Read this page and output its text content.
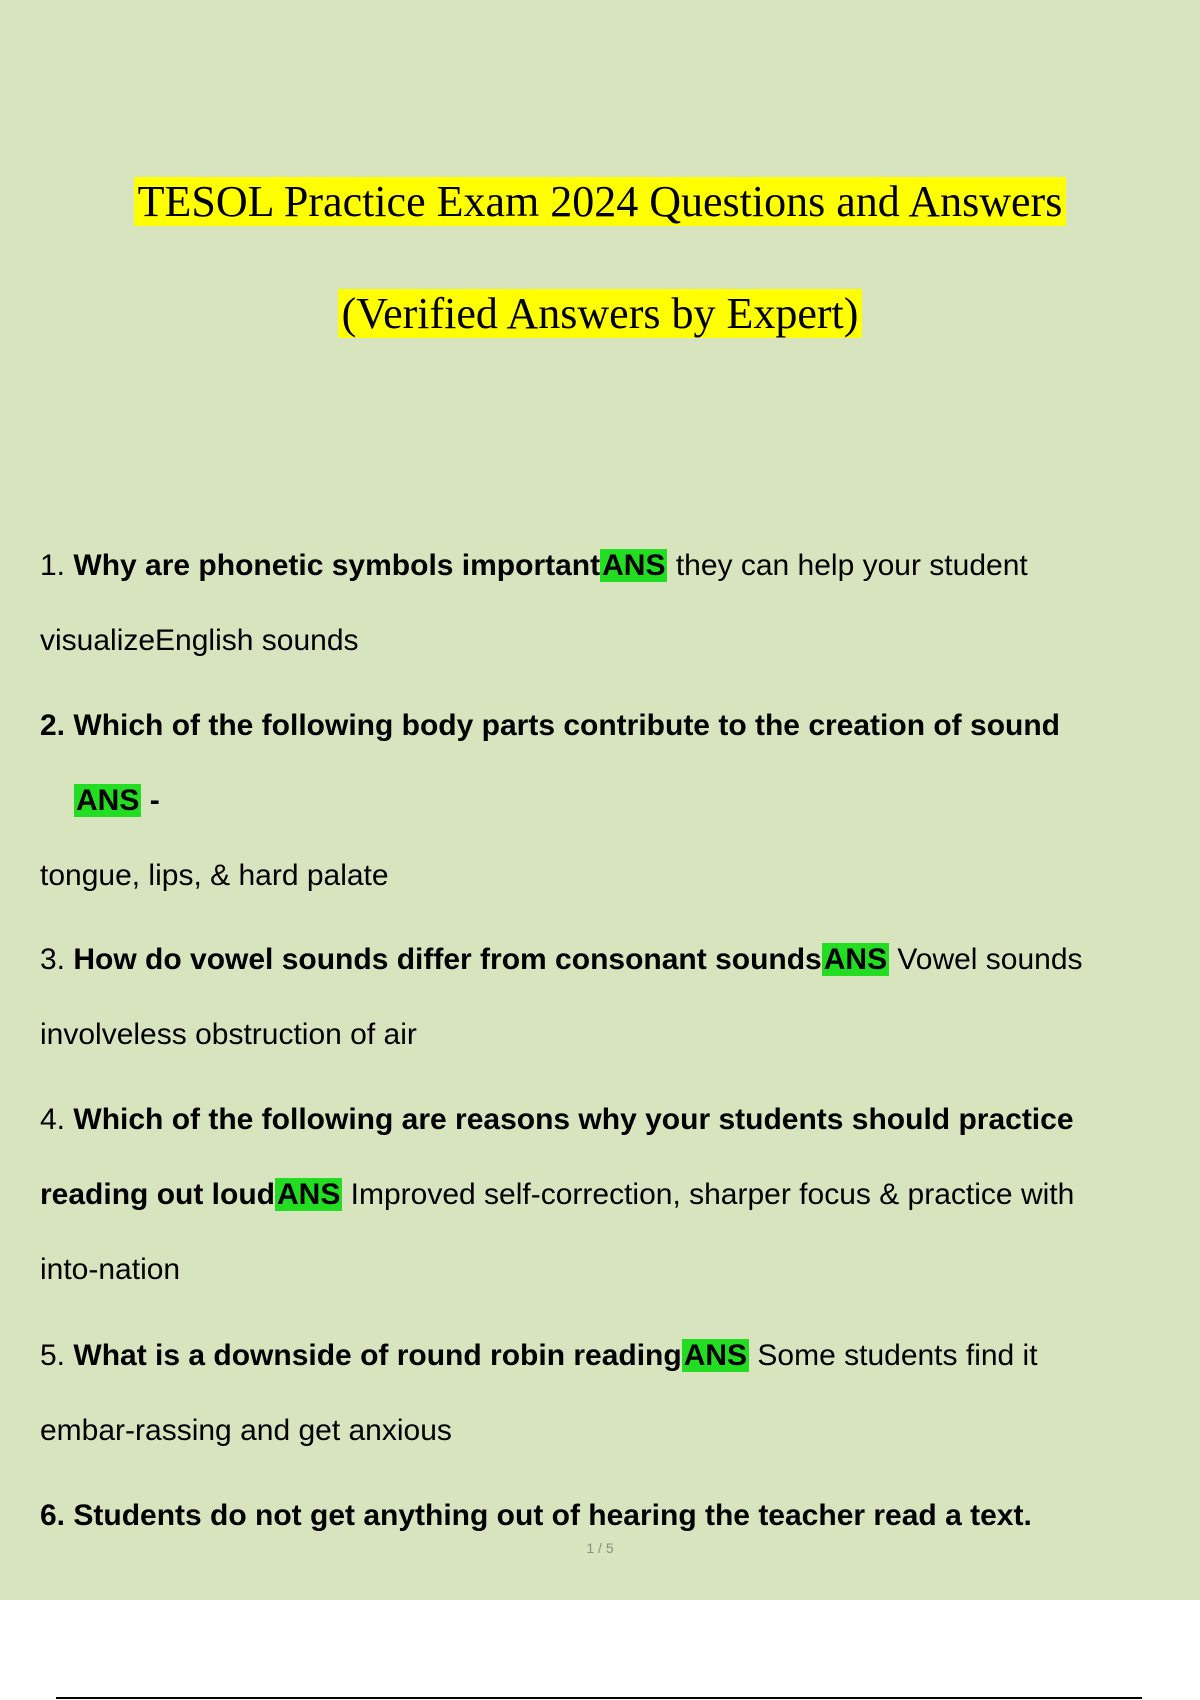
TESOL Practice Exam 2024 Questions and Answers
(Verified Answers by Expert)
1. Why are phonetic symbols importantANS they can help your student
visualizeEnglish sounds
2. Which of the following body parts contribute to the creation of sound
ANS -
tongue, lips, & hard palate
3. How do vowel sounds differ from consonant soundsANS Vowel sounds
involveless obstruction of air
4. Which of the following are reasons why your students should practice
reading out loudANS Improved self-correction, sharper focus & practice with
into-nation
5. What is a downside of round robin readingANS Some students find it
embar-rassing and get anxious
6. Students do not get anything out of hearing the teacher read a text.
1 / 5
